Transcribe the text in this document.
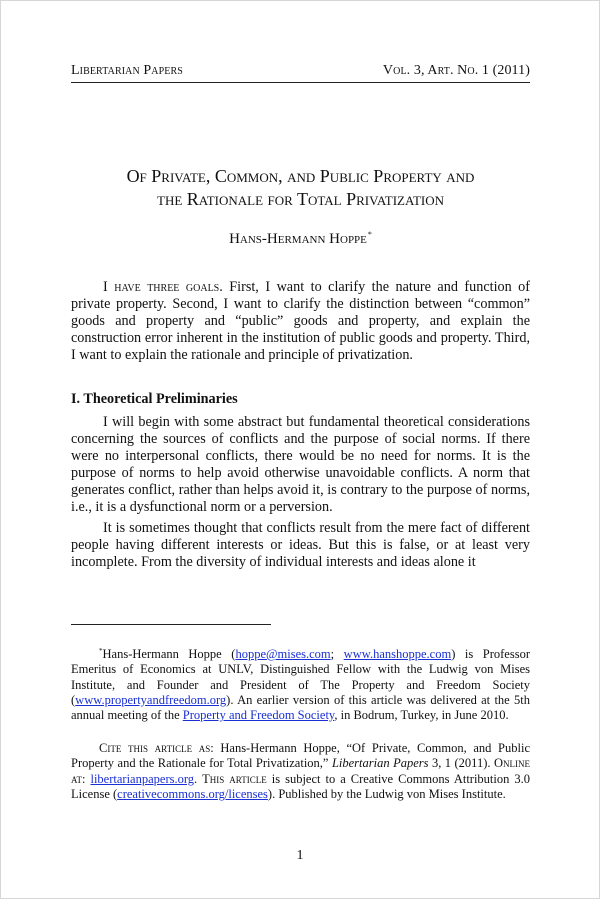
Libertarian Papers	Vol. 3, Art. No. 1 (2011)
Of Private, Common, and Public Property and
the Rationale for Total Privatization
Hans-Hermann Hoppe*

I have three goals. First, I want to clarify the nature and function of private property. Second, I want to clarify the distinction between “common” goods and property and “public” goods and property, and explain the construction error inherent in the institution of public goods and property. Third, I want to explain the rationale and principle of privatization.

I. Theoretical Preliminaries

I will begin with some abstract but fundamental theoretical considerations concerning the sources of conflicts and the purpose of social norms. If there were no interpersonal conflicts, there would be no need for norms. It is the purpose of norms to help avoid otherwise unavoidable conflicts. A norm that generates conflict, rather than helps avoid it, is contrary to the purpose of norms, i.e., it is a dysfunctional norm or a perversion.

It is sometimes thought that conflicts result from the mere fact of different people having different interests or ideas. But this is false, or at least very incomplete. From the diversity of individual interests and ideas alone it

*Hans-Hermann Hoppe (hoppe@mises.com; www.hanshoppe.com) is Professor Emeritus of Economics at UNLV, Distinguished Fellow with the Ludwig von Mises Institute, and Founder and President of The Property and Freedom Society (www.propertyandfreedom.org). An earlier version of this article was delivered at the 5th annual meeting of the Property and Freedom Society, in Bodrum, Turkey, in June 2010.

Cite this article as: Hans-Hermann Hoppe, “Of Private, Common, and Public Property and the Rationale for Total Privatization,” Libertarian Papers 3, 1 (2011). Online at: libertarianpapers.org. This article is subject to a Creative Commons Attribution 3.0 License (creativecommons.org/licenses). Published by the Ludwig von Mises Institute.

1
